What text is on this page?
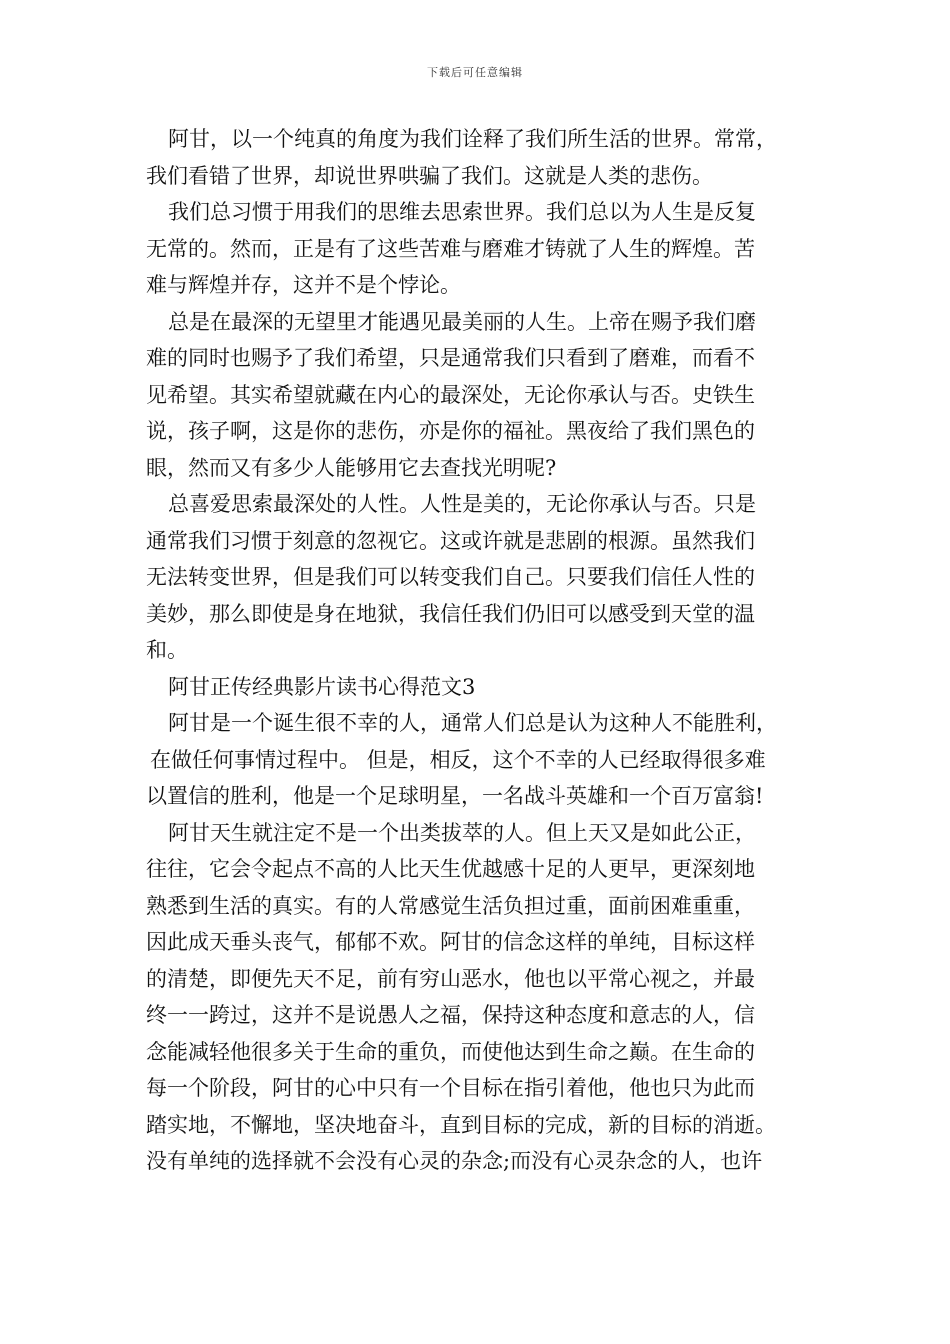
下载后可任意编辑
阿甘，以一个纯真的角度为我们诠释了我们所生活的世界。常常，
我们看错了世界，却说世界哄骗了我们。这就是人类的悲伤。
我们总习惯于用我们的思维去思索世界。我们总以为人生是反复
无常的。然而，正是有了这些苦难与磨难才铸就了人生的辉煌。苦
难与辉煌并存，这并不是个悖论。
总是在最深的无望里才能遇见最美丽的人生。上帝在赐予我们磨
难的同时也赐予了我们希望，只是通常我们只看到了磨难，而看不
见希望。其实希望就藏在内心的最深处，无论你承认与否。史铁生
说，孩子啊，这是你的悲伤，亦是你的福祉。黑夜给了我们黑色的
眼，然而又有多少人能够用它去查找光明呢?
总喜爱思索最深处的人性。人性是美的，无论你承认与否。只是
通常我们习惯于刻意的忽视它。这或许就是悲剧的根源。虽然我们
无法转变世界，但是我们可以转变我们自己。只要我们信任人性的
美妙，那么即使是身在地狱，我信任我们仍旧可以感受到天堂的温
和。
阿甘正传经典影片读书心得范文3
阿甘是一个诞生很不幸的人，通常人们总是认为这种人不能胜利，
在做任何事情过程中。 但是，相反，这个不幸的人已经取得很多难
以置信的胜利，他是一个足球明星，一名战斗英雄和一个百万富翁!
阿甘天生就注定不是一个出类拔萃的人。但上天又是如此公正，
往往，它会令起点不高的人比天生优越感十足的人更早，更深刻地
熟悉到生活的真实。有的人常感觉生活负担过重，面前困难重重，
因此成天垂头丧气，郁郁不欢。阿甘的信念这样的单纯，目标这样
的清楚，即便先天不足，前有穷山恶水，他也以平常心视之，并最
终一一跨过，这并不是说愚人之福，保持这种态度和意志的人，信
念能减轻他很多关于生命的重负，而使他达到生命之巅。在生命的
每一个阶段，阿甘的心中只有一个目标在指引着他，他也只为此而
踏实地，不懈地，坚决地奋斗，直到目标的完成，新的目标的消逝。
没有单纯的选择就不会没有心灵的杂念;而没有心灵杂念的人，也许
